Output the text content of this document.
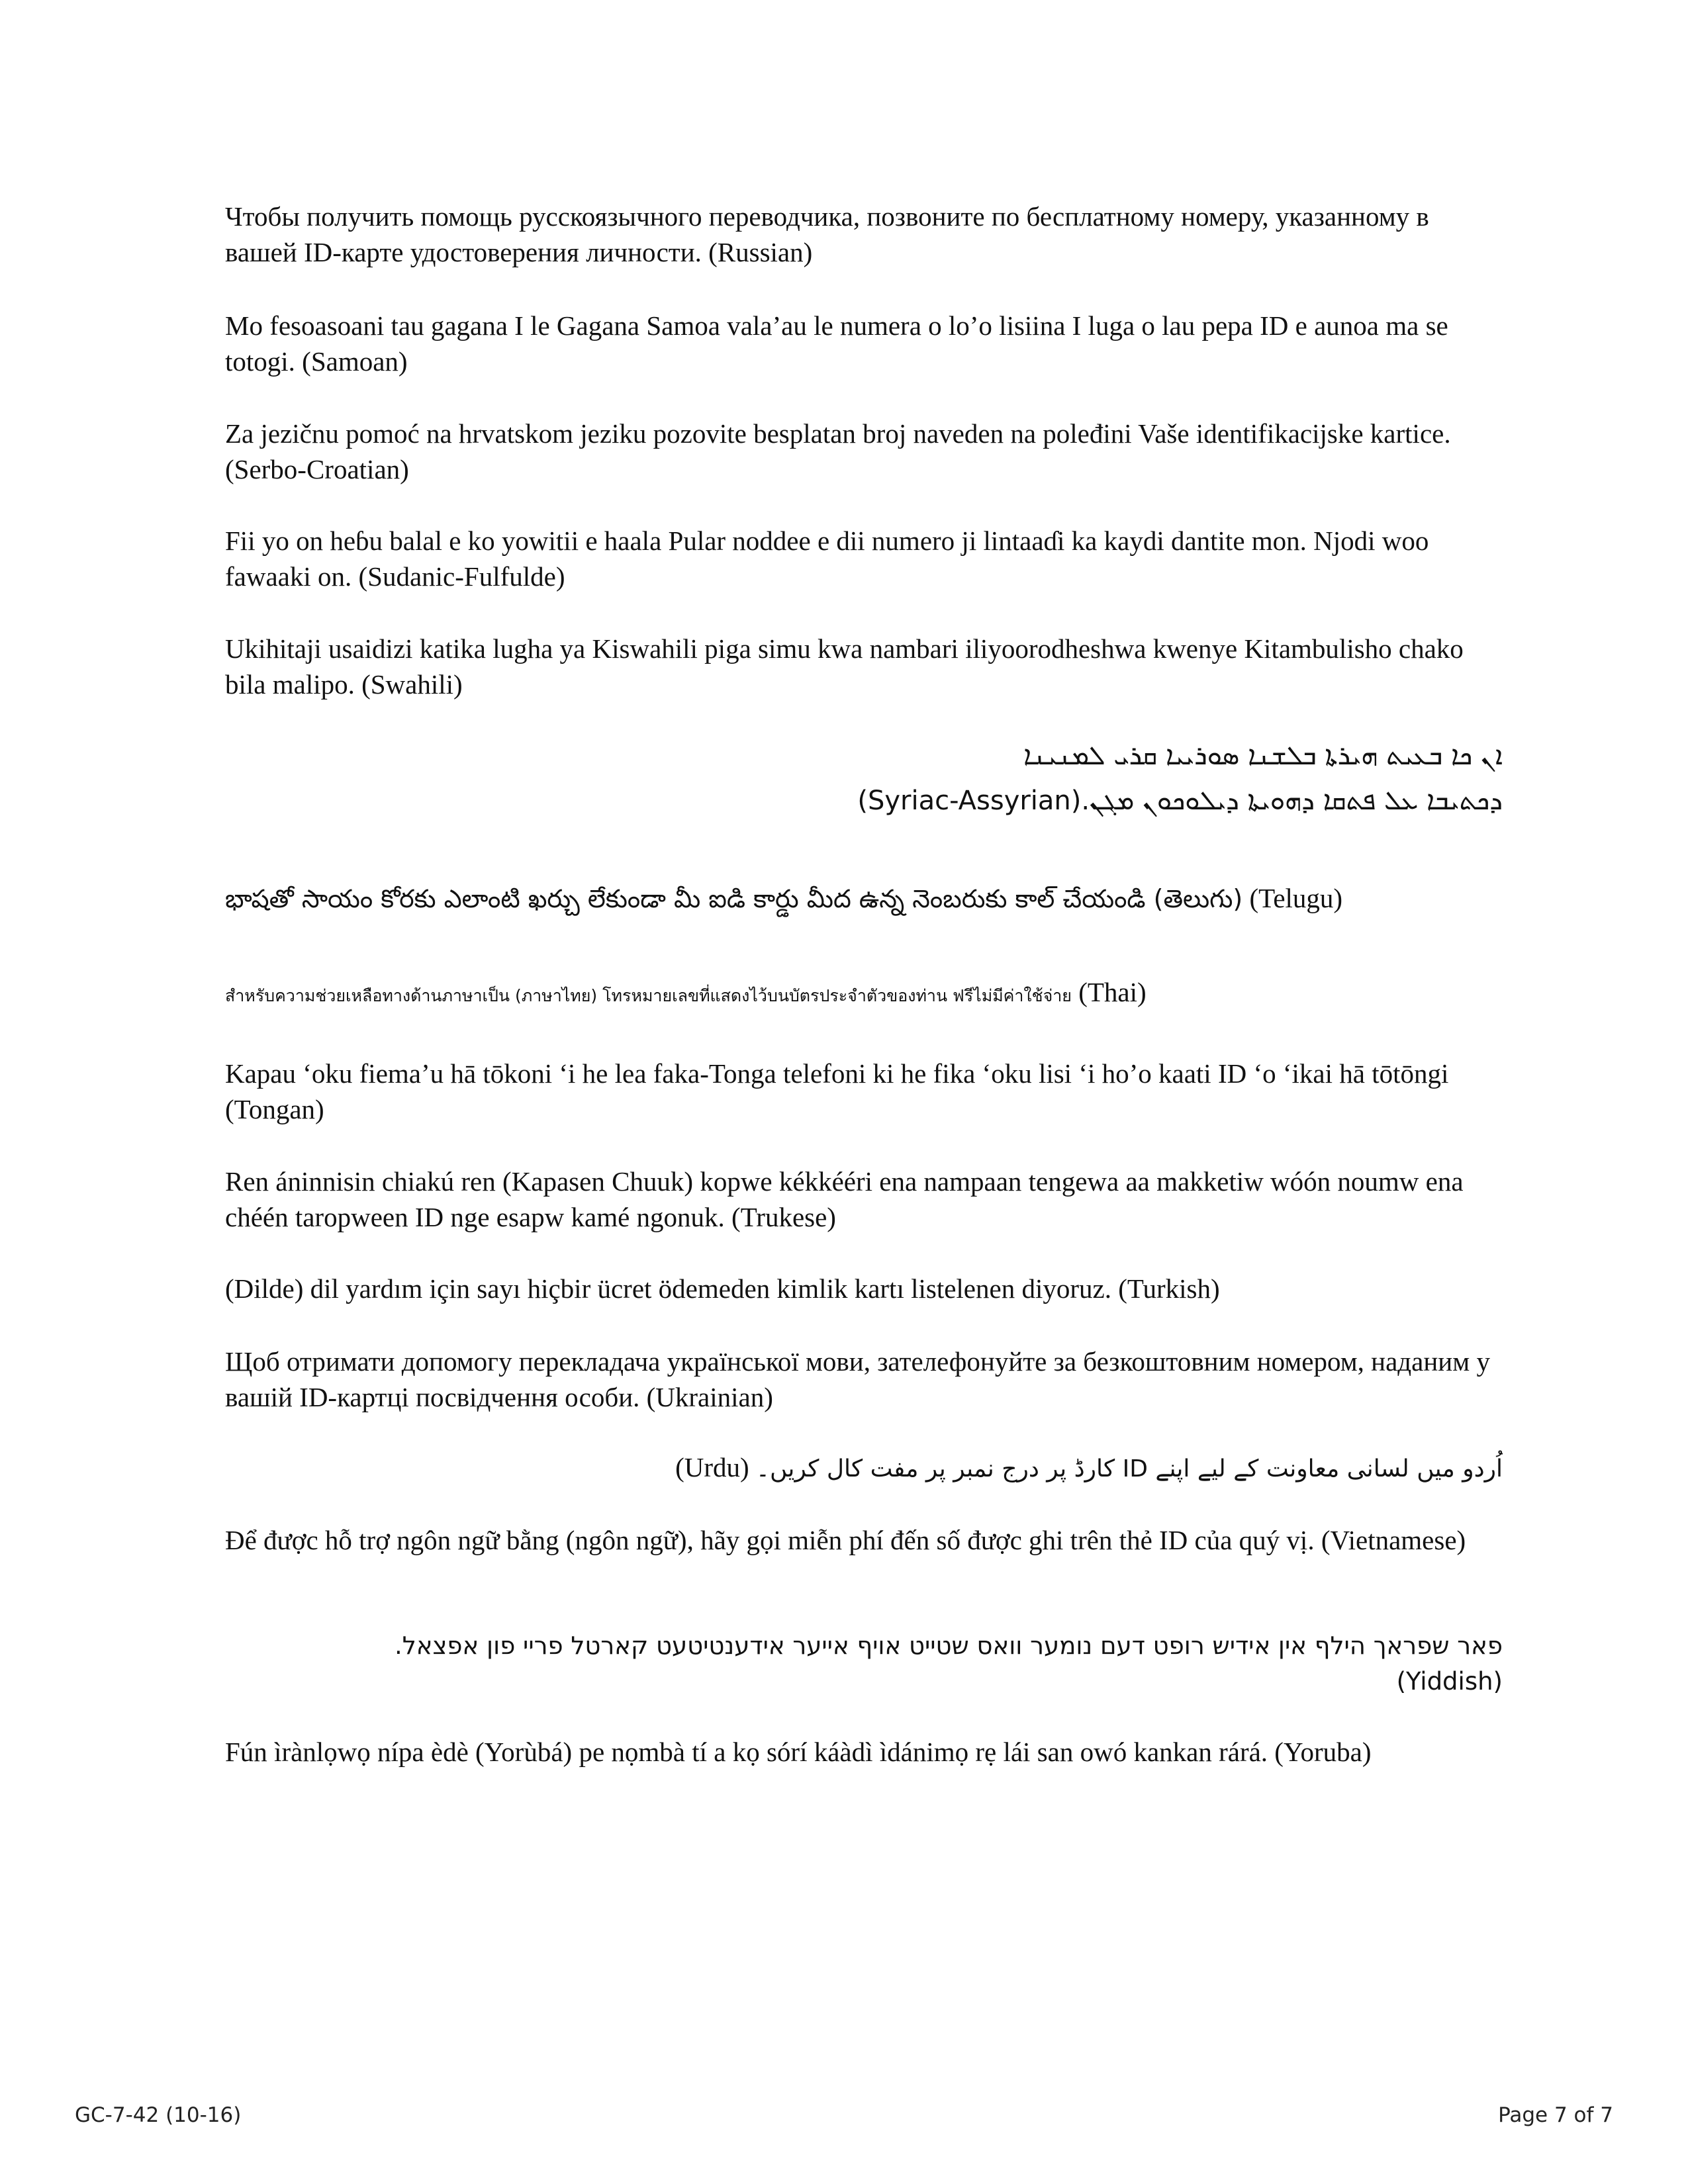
Чтобы получить помощь русскоязычного переводчика, позвоните по бесплатному номеру, указанному в вашей ID-карте удостоверения личности. (Russian)

Mo fesoasoani tau gagana I le Gagana Samoa vala’au le numera o lo’o lisiina I luga o lau pepa ID e aunoa ma se totogi. (Samoan)

Za jezičnu pomoć na hrvatskom jeziku pozovite besplatan broj naveden na poleđini Vaše identifikacijske kartice. (Serbo-Croatian)

Fii yo on heɓu balal e ko yowitii e haala Pular noddee e dii numero ji lintaaɗi ka kaydi dantite mon. Njodi woo fawaaki on. (Sudanic-Fulfulde)

Ukihitaji usaidizi katika lugha ya Kiswahili piga simu kwa nambari iliyoorodheshwa kwenye Kitambulisho chako bila malipo. (Swahili)

ܐܢ ܟܐ ܒܥܝܬ ܗܝܪܬܐ ܒܠܫܢܐ ܣܘܪܝܝܐ ܩܪܝ ܠܡܢܝܢܐ
(Syriac-Assyrian)ܕܟܬܝܒܐ ܥܠ ܦܬܩܐ ܕܗܘܝܬܐ ܕܝܠܘܟܘܢ ܡܓܢ.
భాషతో సాయం కోరకు ఎలాంటి ఖర్చు లేకుండా మీ ఐడి కార్డు మీద ఉన్న నెంబరుకు కాల్ చేయండి (తెలుగు) (Telugu)
สำหรับความช่วยเหลือทางด้านภาษาเป็น (ภาษาไทย) โทรหมายเลขที่แสดงไว้บนบัตรประจำตัวของท่าน ฟรีไม่มีค่าใช้จ่าย (Thai)

Kapau ‘oku fiema’u hā tōkoni ‘i he lea faka-Tonga telefoni ki he fika ‘oku lisi ‘i ho’o kaati ID ‘o ‘ikai hā tōtōngi (Tongan)

Ren áninnisin chiakú ren (Kapasen Chuuk) kopwe kékkééri ena nampaan tengewa aa makketiw wóón noumw ena chéén taropween ID nge esapw kamé ngonuk. (Trukese)

(Dilde) dil yardım için sayı hiçbir ücret ödemeden kimlik kartı listelenen diyoruz. (Turkish)

Щоб отримати допомогу перекладача української мови, зателефонуйте за безкоштовним номером, наданим у вашій ID-картці посвідчення особи. (Ukrainian)

(Urdu) اُردو میں لسانی معاونت کے لیے اپنے ID کارڈ پر درج نمبر پر مفت کال کریں۔

Để được hỗ trợ ngôn ngữ bằng (ngôn ngữ), hãy gọi miễn phí đến số được ghi trên thẻ ID của quý vị. (Vietnamese)

פאר שפראך הילף אין אידיש רופט דעם נומער וואס שטייט אויף אייער אידענטיטעט קארטל פריי פון אפצאל.
(Yiddish)

Fún ìrànlọwọ nípa èdè (Yorùbá) pe nọmbà tí a kọ sórí káàdì ìdánimọ rẹ lái san owó kankan rárá. (Yoruba)

GC-7-42 (10-16)	Page 7 of 7
